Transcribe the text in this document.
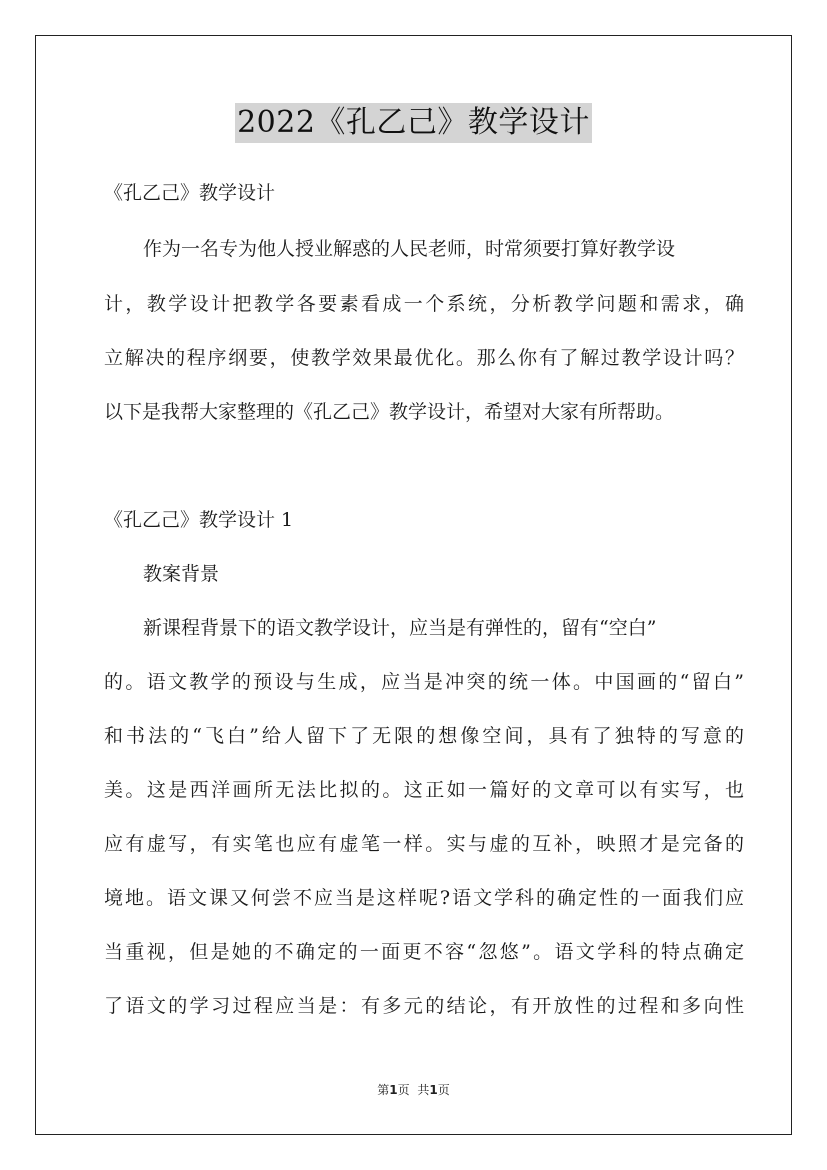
2022《孔乙己》教学设计
《孔乙己》教学设计
作为一名专为他人授业解惑的人民老师，时常须要打算好教学设
计，教学设计把教学各要素看成一个系统，分析教学问题和需求，确
立解决的程序纲要，使教学效果最优化。那么你有了解过教学设计吗？
以下是我帮大家整理的《孔乙己》教学设计，希望对大家有所帮助。
《孔乙己》教学设计 1
教案背景
新课程背景下的语文教学设计，应当是有弹性的，留有“空白”
的。语文教学的预设与生成，应当是冲突的统一体。中国画的“留白”
和书法的“飞白”给人留下了无限的想像空间，具有了独特的写意的
美。这是西洋画所无法比拟的。这正如一篇好的文章可以有实写，也
应有虚写，有实笔也应有虚笔一样。实与虚的互补，映照才是完备的
境地。语文课又何尝不应当是这样呢?语文学科的确定性的一面我们应
当重视，但是她的不确定的一面更不容“忽悠”。语文学科的特点确定
了语文的学习过程应当是：有多元的结论，有开放性的过程和多向性
第1页 共1页
